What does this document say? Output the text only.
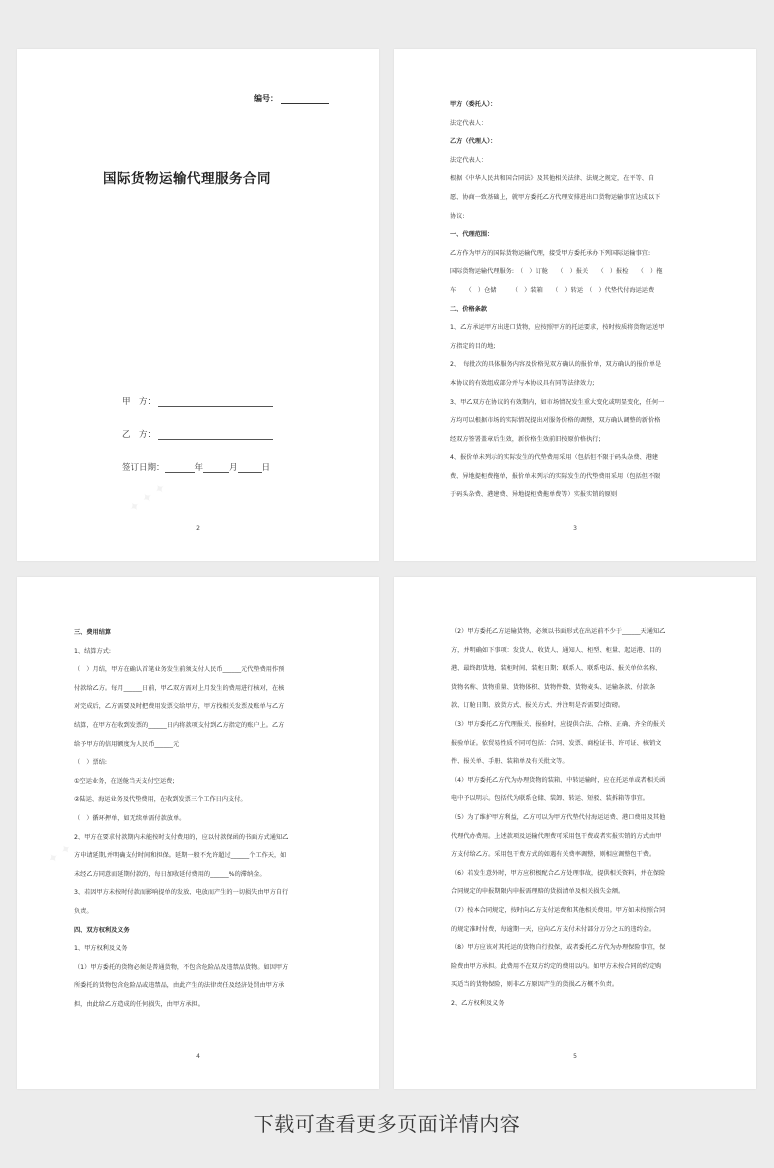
编号：
国际货物运输代理服务合同
✦ ✦ ✦
甲　方：
乙　方：
签订日期：	年	月	日
2
甲方（委托人）：
法定代表人：
乙方（代理人）：
法定代表人：
根据《中华人民共和国合同法》及其他相关法律、法规之规定，在平等、自
愿、协商一致基础上，就甲方委托乙方代理安排进出口货物运输事宜达成以下
协议:
一、代理范围：
乙方作为甲方的国际货物运输代理，接受甲方委托承办下列国际运输事宜:
国际货物运输代理服务:　（　）订舱　　（　）报关　　（　）报检　　（　）拖
车　　（　）仓储　　　（　）装箱　　（　）转运　（　）代垫代付海运运费
二、价格条款
1、乙方承运甲方出进口货物，应按照甲方的托运要求，按时按质将货物运送甲
方指定的目的地;
2、　每批次的具体服务内容及价格见双方确认的报价单，双方确认的报价单是
本协议的有效组成部分并与本协议具有同等法律效力;
3、甲乙双方在协议的有效期内，如市场情况发生重大变化或明显变化，任何一
方均可以根据市场的实际情况提出对服务价格的调整，双方确认调整的新价格
经双方签署盖章后生效，新价格生效前旧按原价格执行;
4、报价单未列示的实际发生的代垫费用采用（包括但不限于码头杂费、港建
费、异地提柜费拖单，报价单未列示的实际发生的代垫费用采用（包括但不限
于码头杂费、港建费、异地提柜费拖单费等）实报实销的原则
3
✦ ✦
三、费用结算
1、结算方式:
（　）月结，甲方在确认首笔业务发生前须支付人民币______元代垫费用作预
付款给乙方。每月______日前，甲乙双方需对上月发生的费用进行核对，在核
对完成后，乙方需要及时把费用发票交给甲方，甲方找相关发票及账单与乙方
结算，在甲方在收到发票的______日内将款项支付到乙方指定的账户上。乙方
给予甲方的信用额度为人民币______元
（　）票结:
①空运业务，在送舱当天支付空运费;
②陆运、海运业务及代垫费用，在收到发票三个工作日内支付。
（　）循环押单，如无续单需付款放单。
2、甲方在要求付款期内未能按时支付费用的，应以付款保函的书面方式通知乙
方申请延期,并明确支付时间和担保。延期一般不允许超过______个工作天，如
未经乙方同意而延期付款的，每日加收延付费用的______%的滞纳金。
3、若因甲方未按时付款而影响提单的发放、电放而产生的一切损失由甲方自行
负责。
四、双方权利及义务
1、甲方权利及义务
（1）甲方委托的货物必须是普通货物，不包含危险品及违禁品货物。如因甲方
所委托的货物包含危险品或违禁品，由此产生的法律责任及经济处罚由甲方承
担，由此给乙方造成的任何损失，由甲方承担。
4
（2）甲方委托乙方运输货物，必须以书面形式在出运前不少于______天通知乙
方，并明确如下事项：发货人、收货人、通知人、柜型、柜量、起运港、目的
港、最终卸货地、装柜时间、装柜日期；联系人、联系电话、报关单位名称、
货物名称、货物重量、货物体积、货物件数、货物麦头、运输条款、付款条
款、订舱日期、放货方式、报关方式、并注明是否需要过街磅。
（3）甲方委托乙方代理报关、报验时，应提供合法、合格、正确、齐全的报关
报验单证。依贸易性质不同可包括：合同、发票、商检证书、许可证、核销文
件、报关单、手册、装箱单及有关批文等。
（4）甲方委托乙方代为办理货物的装箱、中转运输时，应在托运单或者相关函
电中予以明示。包括代为联系仓储、装卸、转运、短驳、装拆箱等事宜。
（5）为了维护甲方利益，乙方可以为甲方代垫代付海运运费、港口费用及其他
代理代办费用。上述款项及运输代理费可采用包干费或者实报实销的方式由甲
方支付给乙方。采用包干费方式的如遇有关费率调整，则相应调整包干费。
（6）若发生意外时，甲方应积极配合乙方处理事故，提供相关资料，并在保险
合同规定的申报期限内申报需理赔的货损清单及相关损失金额。
（7）按本合同规定，按时向乙方支付运费和其他相关费用。甲方如未按照合同
的规定准时付费，每逾期一天，应向乙方支付未付部分万分之五的违约金。
（8）甲方应该对其托运的货物自行投保，或者委托乙方代为办理保险事宜，保
险费由甲方承担。此费用不在双方约定的费用以内。如甲方未按合同的约定购
买适当的货物保险，则非乙方原因产生的货损乙方概不负责。
2、乙方权利及义务
5
下载可查看更多页面详情内容
